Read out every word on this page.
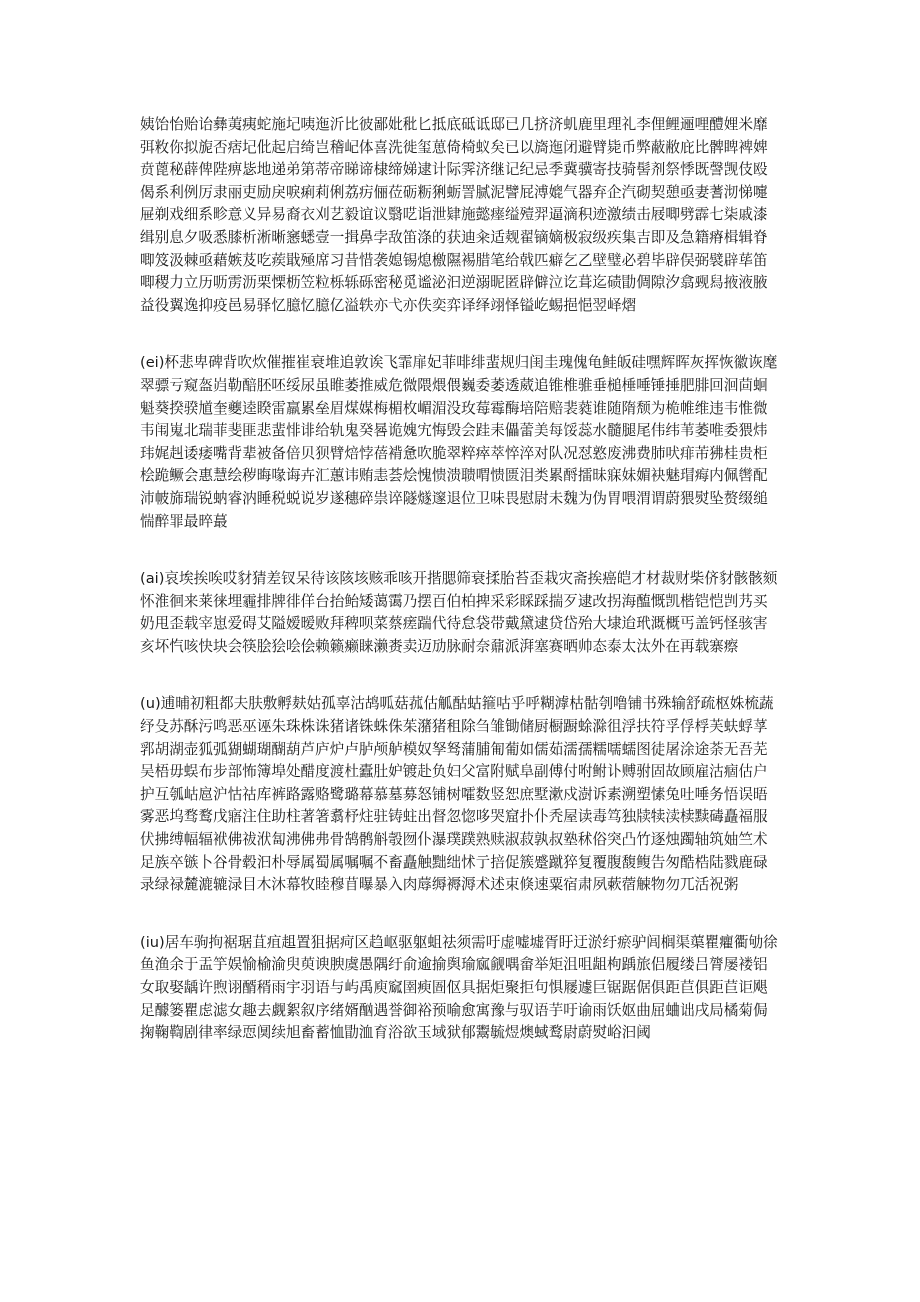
姨饴怡贻诒彝荑痍蛇施圮咦迤沂比彼鄙妣秕匕抵底砥诋邸已几挤济虮鹿里理礼李俚鲤逦哩醴娌米靡弭敉你拟旎否痞圮仳起启绮岂稽屺体喜洗徙玺葸倚椅蚁矣已以旖迤闭避臂毙币弊蔽敝庇比髀睥裨婢贲蓖秘薜俾陛痹毖地递弟第蒂帝睇谛棣缔娣逮计际霁济继记纪忌季冀骥寄技骑髻剂祭悸既謦觊伎殴偈系利例厉隶丽吏励戾唳痢莉俐荔疠俪莅砺粝猁蛎詈腻泥譬屁溥媲气器弃企汽砌契憩亟妻蓍沏悌嚏屉剃戏细系畛意义异易裔衣刈艺毅谊议翳呓诣泄肄施懿瘗缢殪羿逼滴积迹激绩击屐唧劈霹七柒戚漆缉别息夕吸悉膝析淅晰窸蟋壹一揖鼻孛敌笛涤的获迪籴适觌翟镝嫡极寂级疾集吉即及急籍瘠楫辑脊唧笈汲棘亟藉嫉芨吃蒺戢殛席习昔惜袭媳锡熄檄隰裼腊笔给戟匹癖乞乙壁璧必碧毕辟俣弼襞辟荜笛唧稷力立历呖雳沥栗慄枥笠粒栎轹砾密秘觅谧泌汩逆溺昵匿辟僻泣讫葺迄碛勖倜隙汐翕觋舄掖液腋益役翼逸抑疫邑易驿忆臆忆臆亿溢轶亦弋亦佚奕弈译绎翊怿镒屹蜴挹悒翌峄熠

(ei)杯悲卑碑背吹炊催摧崔衰堆追敦诶飞霏扉妃菲啡绯蜚规归闺圭瑰傀龟鲑皈硅嘿辉晖灰挥恢徽诙麾翠骠亏窥盔岿勒醅胚呸绥尿虽睢萎推威危微隈煨偎巍委萎透葳追锥椎骓垂槌棰唾锤捶肥腓回洄茴蛔魁葵揆骙馗奎夔逵睽雷羸累垒眉煤媒梅楣枚嵋湄没玫莓霉酶培陪赔裴蕤谁随隋颓为桅帷维违韦惟微韦闱嵬北瑞菲斐匪悲蜚悱诽给轨鬼癸晷诡媿宄悔毁会跬耒儡蕾美每馁蕊水髓腿尾伟纬苇萎唯委猥炜玮娓赳诿痿嘴背辈被备倍贝狈臂焙悖蓓褙惫吹脆翠粹瘁萃悴淬对队况怼憝废沸费肺吠痱芾狒桂贵柜桧跪鳜会惠慧绘秽晦喙诲卉汇蕙讳贿恚荟烩愧愦溃聩喟愦匮泪类累酹擂昧寐妹媚袂魅瑁痗内佩辔配沛帔旆瑞锐蚋睿汭睡税蜕说岁遂穗碎祟谇隧燧邃退位卫味畏慰尉未魏为伪胃喂渭谓蔚猥熨坠赘缀缒惴醉罪最晬蕞

(ai)哀埃挨唉哎豺猜差钗呆待该陔垓赅乖咳开揩腮筛衰揉胎苔歪栽灾斋挨癌皑才材裁财柴侪豺骸骸颏怀淮徊来莱徕埋霾排牌徘佯台抬鲐矮蔼霭乃摆百伯柏捭采彩睬踩揣歹逮改拐海醢慨凯楷铠恺剀艿买奶甩歪载宰崽爱碍艾隘嫒暧败拜稗呗菜蔡瘥踹代待怠袋带戴黛逮贷岱殆大埭迨玳溉概丐盖钙怪骇害亥坏忾咳快块会筷脍狯哙侩赖籁癞睐濑赉卖迈劢脉耐奈鼐派湃塞赛晒帅态泰太汰外在再载寨瘵

(u)逋晡初粗都夫肤敷孵麸姑孤辜沽鸪呱菇菰估觚酤蛄箍咕乎呼糊滹枯骷刳噜铺书殊输舒疏枢姝梳蔬纾殳苏酥污鸣恶巫诬朱珠株诛猪诸铢蛛侏茱潴猪租除刍雏锄储厨橱蹰蜍滁徂浮扶符孚俘桴芙蚨蜉莩郛胡湖壶狐弧猢蝴瑚醐葫芦庐炉卢胪颅舻模奴孥驽蒲脯匍葡如儒茹濡孺糯嚅蠕图徒屠涂途荼无吾芜吴梧毋蜈布步部怖簿埠处醋度渡杜蠹肚妒镀赴负妇父富附赋阜副傅付咐鲋讣赙驸固故顾雇沽痼估户护互瓠岵扈沪怙祜库裤路露赂鹭璐幕慕墓募怒铺树嚯数竖恕庶墅漱戍澍诉素溯塑愫兔吐唾务悟误晤雾恶坞骛鹜戊寤注住助柱著箸翥杼炷驻铸蛀出督忽惚哆哭窟扑仆秃屋读毒笃独牍犊渎椟黩碡矗福服伏拂缚幅辐袱佛祓洑匐沸佛弗骨鹄鹘斛彀囫仆瀑璞蹼熟赎淑菽孰叔塾秫俗突凸竹逐烛躅轴筑妯竺术足族卒镞卜谷骨毂汩朴辱属蜀属嘱嘱不畜矗触黜绌怵亍掊促簇蹙蹴猝复覆腹馥鳆告匆酷梏陆戮鹿碌录绿禄麓漉辘渌目木沐幕牧睦穆苜曝暴入肉蓐缛褥溽术述束倏速粟宿肃夙蔌蓿觫物勿兀活祝粥

(iu)居车驹拘裾琚苴疽趄置狙据疴区趋岖驱躯蛆祛须需吁虚嘘墟胥盱迂淤纡瘀驴闾榈渠蕖瞿癯衢劬徐鱼渔余于盂竽娱愉榆渝臾萸谀腴虞愚隅纡俞逾揄舆瑜寙觎喁畲举矩沮咀龃枸踽旅侣履缕吕膂屡褛铝女取娶龋许煦诩醑稰雨宇羽语与屿禹庾窳圉瘐圄伛具据炬聚拒句惧屦遽巨锯踞倨俱距苣俱距苣讵飓足醵篓瞿虑滤女趣去觑絮叙序绪婿酗遇誉御裕预喻愈寓豫与驭语芋吁谕雨饫妪曲屈蛐诎戌局橘菊侷掬鞠鞫剧律率绿恧阒续旭畜蓄恤勖洫育浴欲玉域狱郁鬻毓煜燠蜮鹜尉蔚熨峪汩阈
